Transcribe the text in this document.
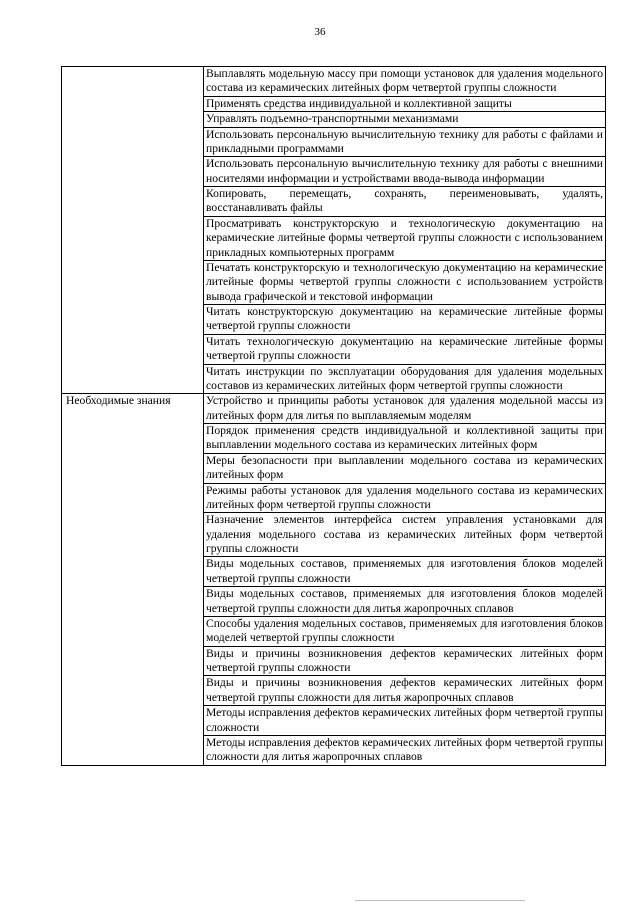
36
	Выплавлять модельную массу при помощи установок для удаления модельного состава из керамических литейных форм четвертой группы сложности
	Применять средства индивидуальной и коллективной защиты
	Управлять подъемно-транспортными механизмами
	Использовать персональную вычислительную технику для работы с файлами и прикладными программами
	Использовать персональную вычислительную технику для работы с внешними носителями информации и устройствами ввода-вывода информации
	Копировать, перемещать, сохранять, переименовывать, удалять, восстанавливать файлы
	Просматривать конструкторскую и технологическую документацию на керамические литейные формы четвертой группы сложности с использованием прикладных компьютерных программ
	Печатать конструкторскую и технологическую документацию на керамические литейные формы четвертой группы сложности с использованием устройств вывода графической и текстовой информации
	Читать конструкторскую документацию на керамические литейные формы четвертой группы сложности
	Читать технологическую документацию на керамические литейные формы четвертой группы сложности
	Читать инструкции по эксплуатации оборудования для удаления модельных составов из керамических литейных форм четвертой группы сложности
Необходимые знания	Устройство и принципы работы установок для удаления модельной массы из литейных форм для литья по выплавляемым моделям
	Порядок применения средств индивидуальной и коллективной защиты при выплавлении модельного состава из керамических литейных форм
	Меры безопасности при выплавлении модельного состава из керамических литейных форм
	Режимы работы установок для удаления модельного состава из керамических литейных форм четвертой группы сложности
	Назначение элементов интерфейса систем управления установками для удаления модельного состава из керамических литейных форм четвертой группы сложности
	Виды модельных составов, применяемых для изготовления блоков моделей четвертой группы сложности
	Виды модельных составов, применяемых для изготовления блоков моделей четвертой группы сложности для литья жаропрочных сплавов
	Способы удаления модельных составов, применяемых для изготовления блоков моделей четвертой группы сложности
	Виды и причины возникновения дефектов керамических литейных форм четвертой группы сложности
	Виды и причины возникновения дефектов керамических литейных форм четвертой группы сложности для литья жаропрочных сплавов
	Методы исправления дефектов керамических литейных форм четвертой группы сложности
	Методы исправления дефектов керамических литейных форм четвертой группы сложности для литья жаропрочных сплавов
